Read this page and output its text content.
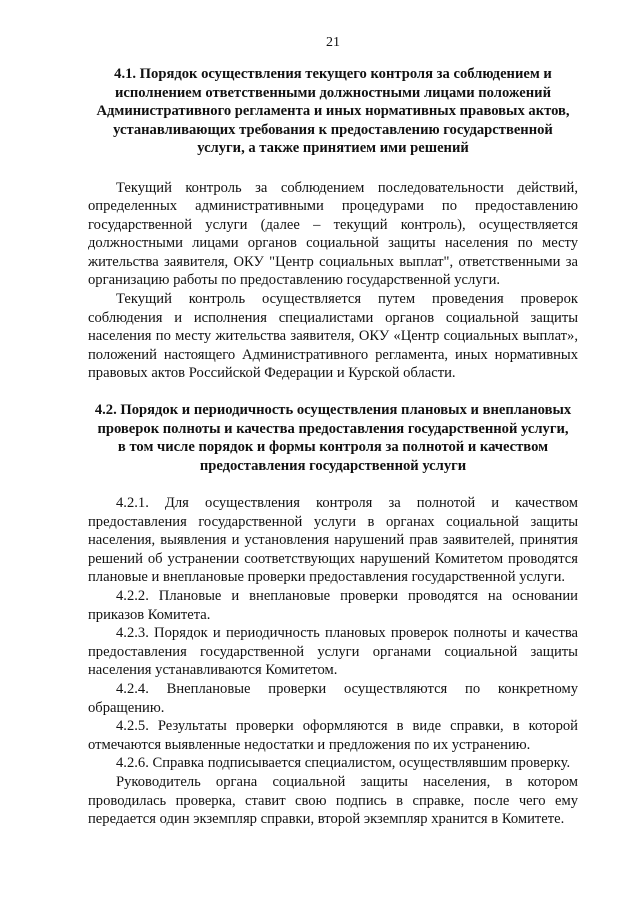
21
4.1. Порядок осуществления текущего контроля за соблюдением и исполнением ответственными должностными лицами положений Административного регламента и иных нормативных правовых актов, устанавливающих требования к предоставлению государственной услуги, а также принятием ими решений

Текущий контроль за соблюдением последовательности действий, определенных административными процедурами по предоставлению государственной услуги (далее – текущий контроль), осуществляется должностными лицами органов социальной защиты населения по месту жительства заявителя, ОКУ "Центр социальных выплат", ответственными за организацию работы по предоставлению государственной услуги.

Текущий контроль осуществляется путем проведения проверок соблюдения и исполнения специалистами органов социальной защиты населения по месту жительства заявителя, ОКУ «Центр социальных выплат», положений настоящего Административного регламента, иных нормативных правовых актов Российской Федерации и Курской области.

4.2. Порядок и периодичность осуществления плановых и внеплановых проверок полноты и качества предоставления государственной услуги, в том числе порядок и формы контроля за полнотой и качеством предоставления государственной услуги

4.2.1. Для осуществления контроля за полнотой и качеством предоставления государственной услуги в органах социальной защиты населения, выявления и установления нарушений прав заявителей, принятия решений об устранении соответствующих нарушений Комитетом проводятся плановые и внеплановые проверки предоставления государственной услуги.

4.2.2. Плановые и внеплановые проверки проводятся на основании приказов Комитета.

4.2.3. Порядок и периодичность плановых проверок полноты и качества предоставления государственной услуги органами социальной защиты населения устанавливаются Комитетом.

4.2.4. Внеплановые проверки осуществляются по конкретному обращению.

4.2.5. Результаты проверки оформляются в виде справки, в которой отмечаются выявленные недостатки и предложения по их устранению.

4.2.6. Справка подписывается специалистом, осуществлявшим проверку.

Руководитель органа социальной защиты населения, в котором проводилась проверка, ставит свою подпись в справке, после чего ему передается один экземпляр справки, второй экземпляр хранится в Комитете.
